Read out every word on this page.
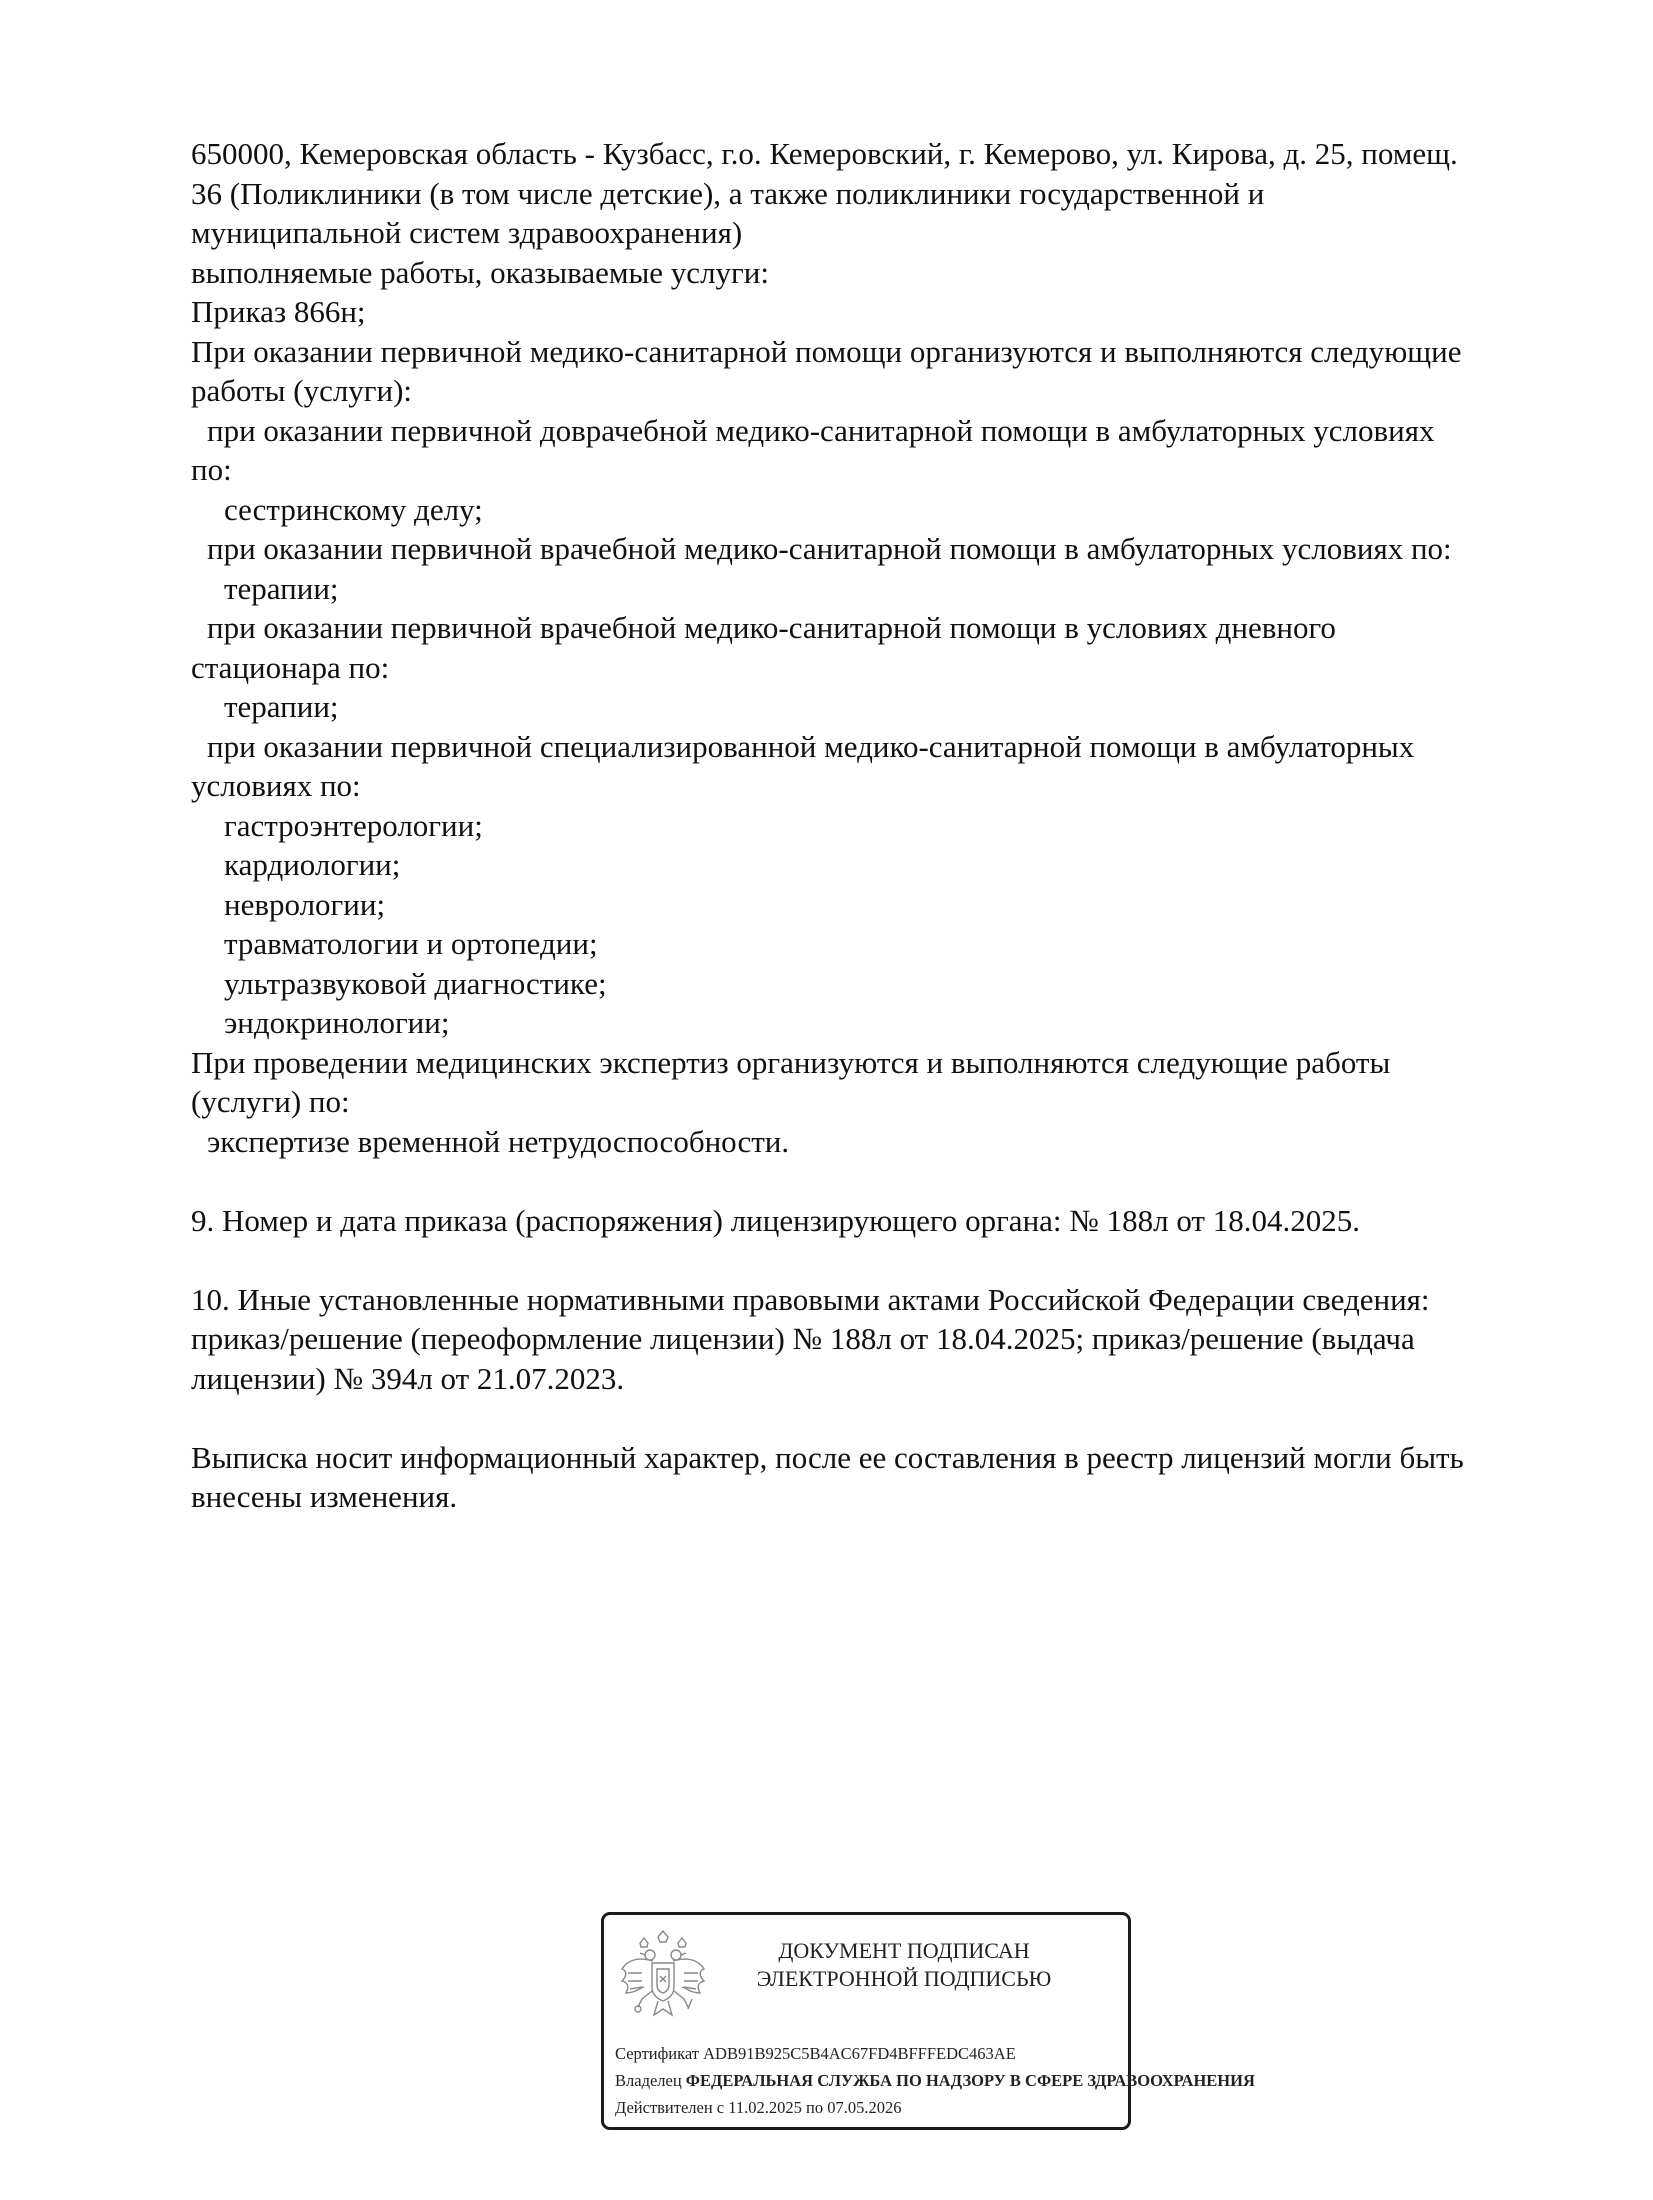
650000, Кемеровская область - Кузбасс, г.о. Кемеровский, г. Кемерово, ул. Кирова, д. 25, помещ.
36 (Поликлиники (в том числе детские), а также поликлиники государственной и
муниципальной систем здравоохранения)
выполняемые работы, оказываемые услуги:
Приказ 866н;
При оказании первичной медико-санитарной помощи организуются и выполняются следующие
работы (услуги):
при оказании первичной доврачебной медико-санитарной помощи в амбулаторных условиях
по:
сестринскому делу;
при оказании первичной врачебной медико-санитарной помощи в амбулаторных условиях по:
терапии;
при оказании первичной врачебной медико-санитарной помощи в условиях дневного
стационара по:
терапии;
при оказании первичной специализированной медико-санитарной помощи в амбулаторных
условиях по:
гастроэнтерологии;
кардиологии;
неврологии;
травматологии и ортопедии;
ультразвуковой диагностике;
эндокринологии;
При проведении медицинских экспертиз организуются и выполняются следующие работы
(услуги) по:
экспертизе временной нетрудоспособности.
9. Номер и дата приказа (распоряжения) лицензирующего органа: № 188л от 18.04.2025.
10. Иные установленные нормативными правовыми актами Российской Федерации сведения:
приказ/решение (переоформление лицензии) № 188л от 18.04.2025; приказ/решение (выдача
лицензии) № 394л от 21.07.2023.
Выписка носит информационный характер, после ее составления в реестр лицензий могли быть
внесены изменения.
ДОКУМЕНТ ПОДПИСАН
ЭЛЕКТРОННОЙ ПОДПИСЬЮ
Сертификат ADB91B925C5B4AC67FD4BFFFEDC463AE
Владелец ФЕДЕРАЛЬНАЯ СЛУЖБА ПО НАДЗОРУ В СФЕРЕ ЗДРАВООХРАНЕНИЯ
Действителен с 11.02.2025 по 07.05.2026
